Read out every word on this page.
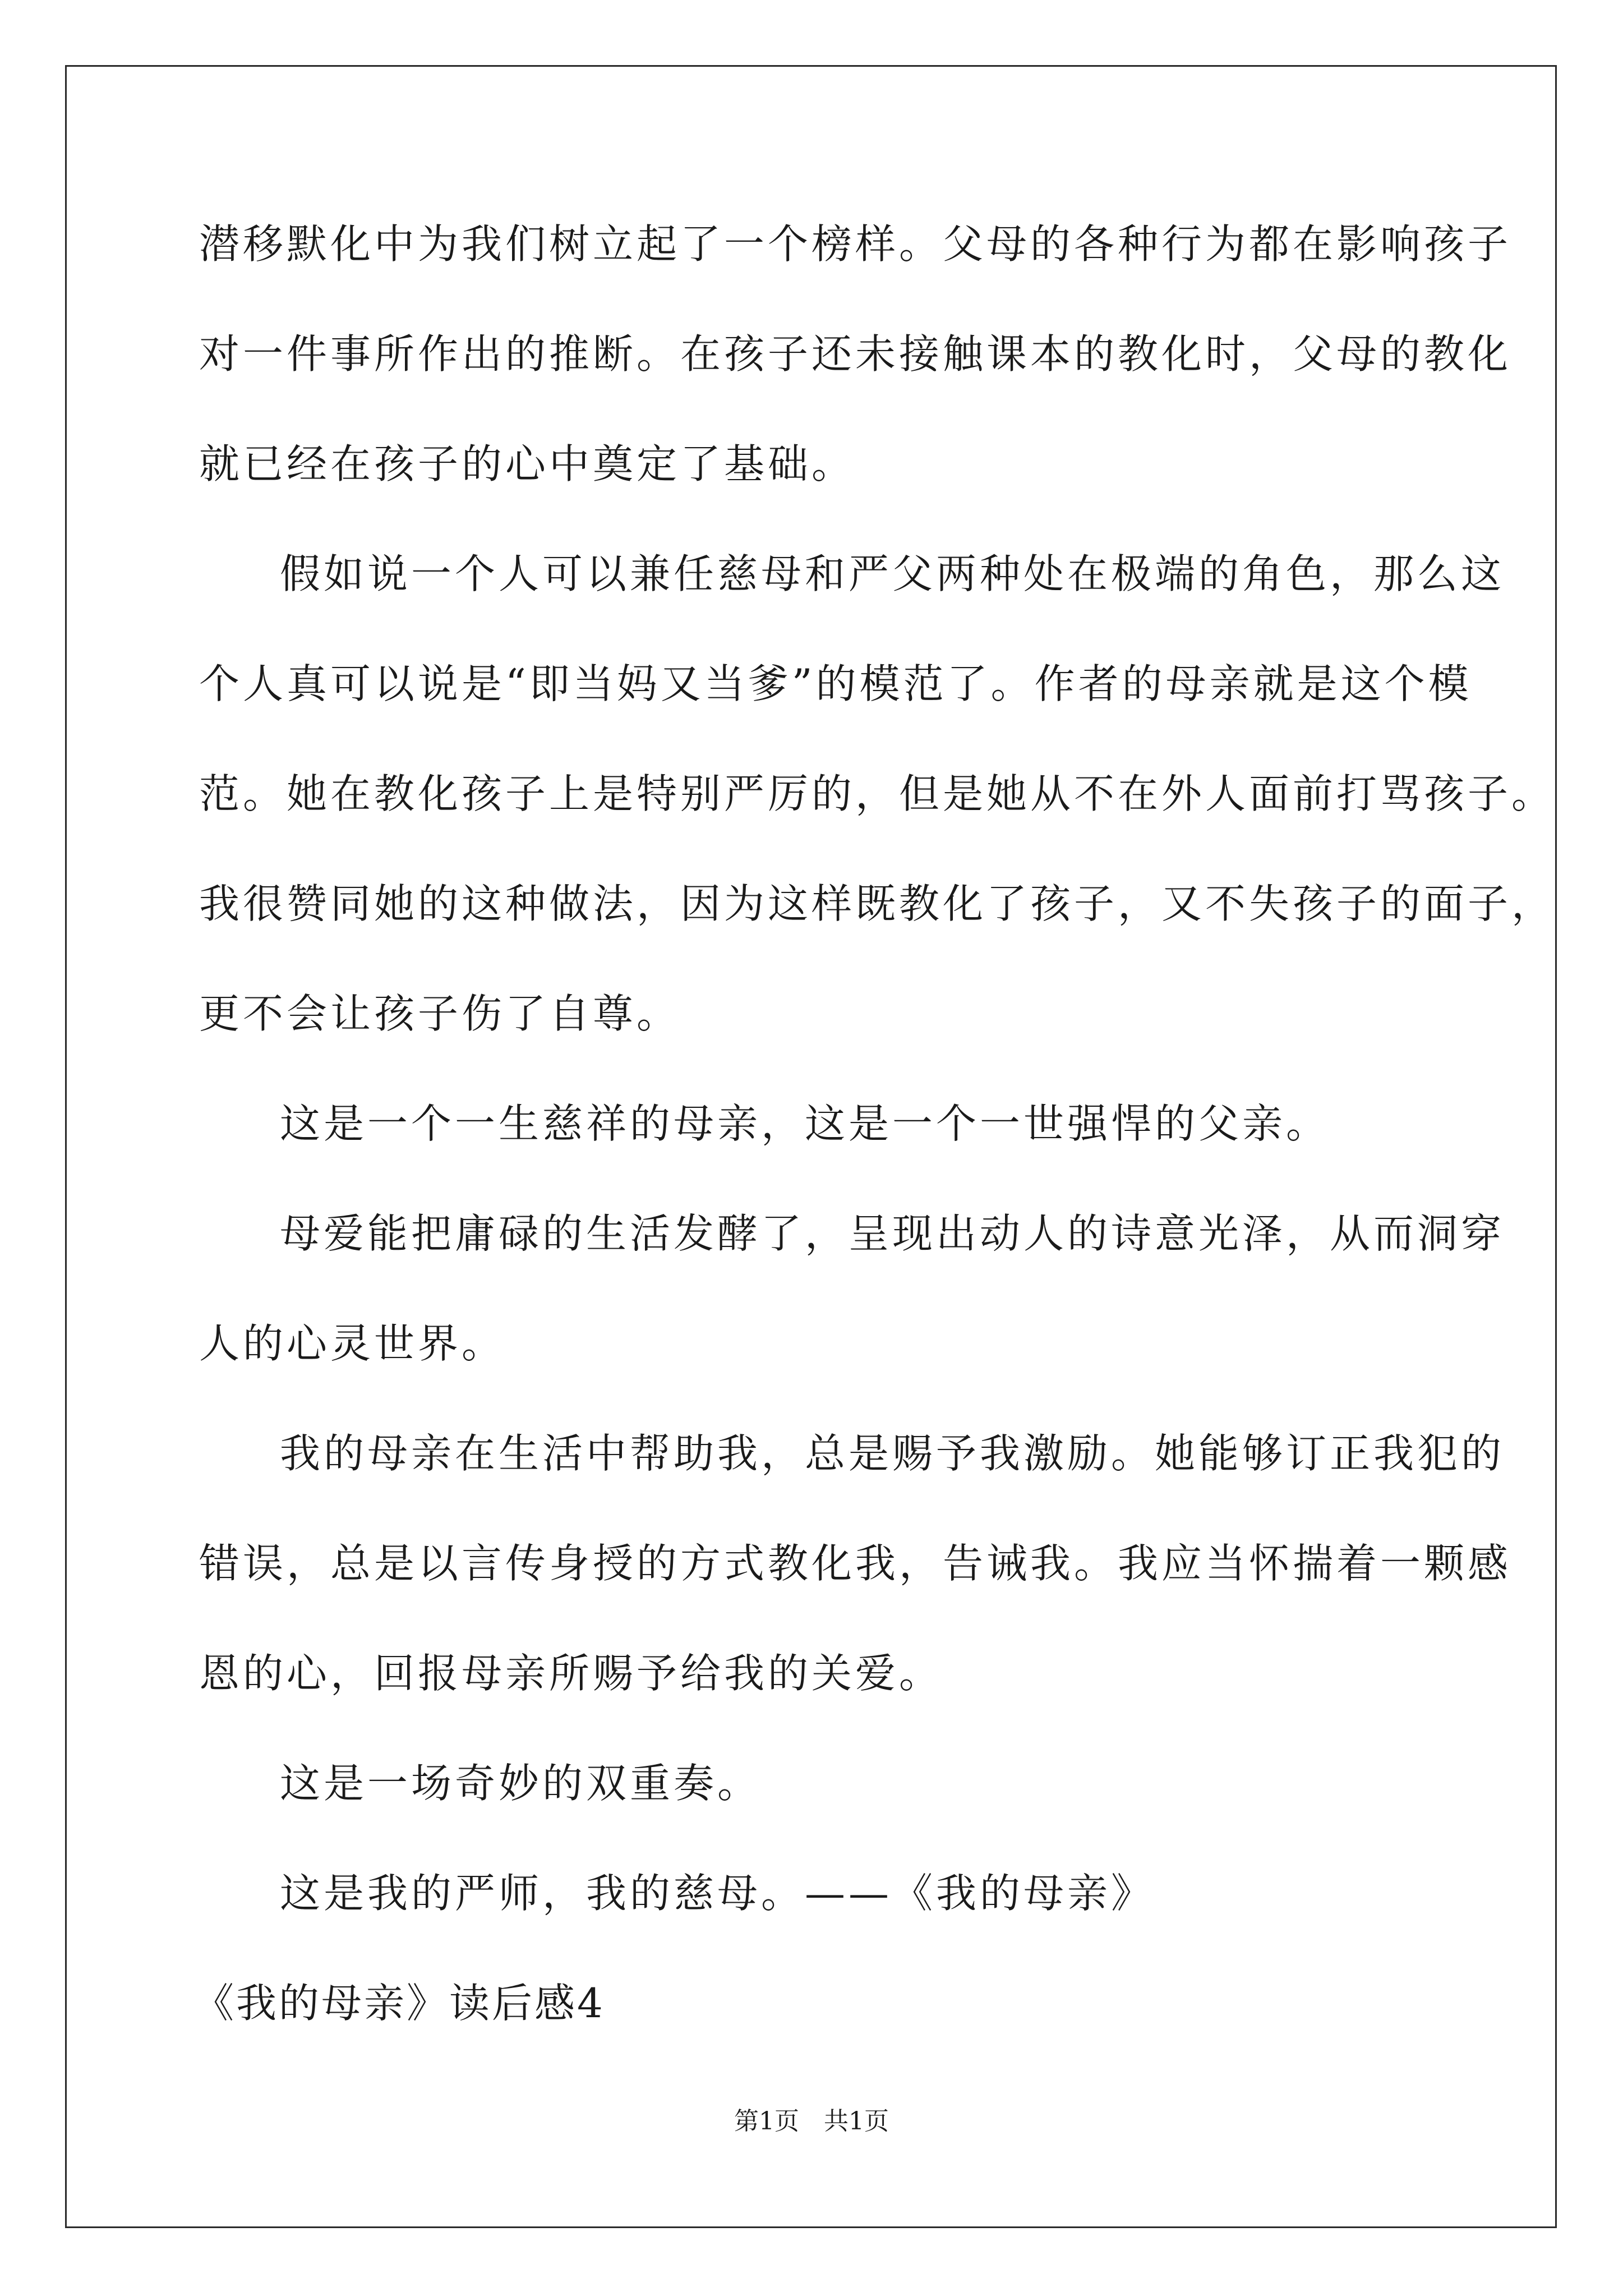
潜移默化中为我们树立起了一个榜样。父母的各种行为都在影响孩子
对一件事所作出的推断。在孩子还未接触课本的教化时，父母的教化
就已经在孩子的心中奠定了基础。
假如说一个人可以兼任慈母和严父两种处在极端的角色，那么这
个人真可以说是“即当妈又当爹”的模范了。作者的母亲就是这个模
范。她在教化孩子上是特别严厉的，但是她从不在外人面前打骂孩子。
我很赞同她的这种做法，因为这样既教化了孩子，又不失孩子的面子，
更不会让孩子伤了自尊。
这是一个一生慈祥的母亲，这是一个一世强悍的父亲。
母爱能把庸碌的生活发酵了，呈现出动人的诗意光泽，从而洞穿
人的心灵世界。
我的母亲在生活中帮助我，总是赐予我激励。她能够订正我犯的
错误，总是以言传身授的方式教化我，告诫我。我应当怀揣着一颗感
恩的心，回报母亲所赐予给我的关爱。
这是一场奇妙的双重奏。
这是我的严师，我的慈母。——《我的母亲》
《我的母亲》读后感4
第1页　共1页
